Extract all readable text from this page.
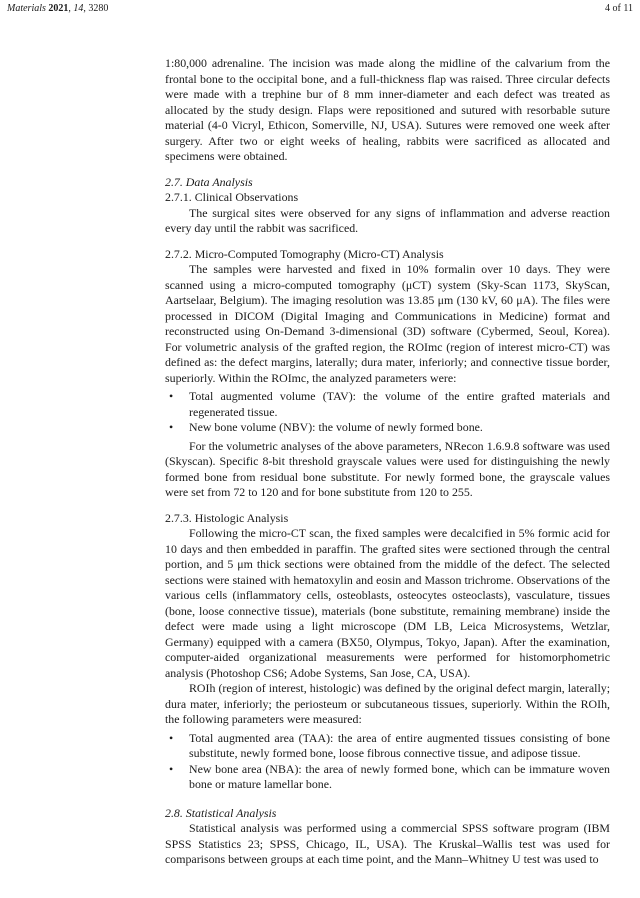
Materials 2021, 14, 3280	4 of 11

1:80,000 adrenaline. The incision was made along the midline of the calvarium from the frontal bone to the occipital bone, and a full-thickness flap was raised. Three circular defects were made with a trephine bur of 8 mm inner-diameter and each defect was treated as allocated by the study design. Flaps were repositioned and sutured with resorbable suture material (4-0 Vicryl, Ethicon, Somerville, NJ, USA). Sutures were removed one week after surgery. After two or eight weeks of healing, rabbits were sacrificed as allocated and specimens were obtained.

2.7. Data Analysis

2.7.1. Clinical Observations

The surgical sites were observed for any signs of inflammation and adverse reaction every day until the rabbit was sacrificed.

2.7.2. Micro-Computed Tomography (Micro-CT) Analysis

The samples were harvested and fixed in 10% formalin over 10 days. They were scanned using a micro-computed tomography (μCT) system (Sky-Scan 1173, SkyScan, Aartselaar, Belgium). The imaging resolution was 13.85 μm (130 kV, 60 μA). The files were processed in DICOM (Digital Imaging and Communications in Medicine) format and reconstructed using On-Demand 3-dimensional (3D) software (Cybermed, Seoul, Korea). For volumetric analysis of the grafted region, the ROImc (region of interest micro-CT) was defined as: the defect margins, laterally; dura mater, inferiorly; and connective tissue border, superiorly. Within the ROImc, the analyzed parameters were:

• Total augmented volume (TAV): the volume of the entire grafted materials and regenerated tissue.
• New bone volume (NBV): the volume of newly formed bone.

For the volumetric analyses of the above parameters, NRecon 1.6.9.8 software was used (Skyscan). Specific 8-bit threshold grayscale values were used for distinguishing the newly formed bone from residual bone substitute. For newly formed bone, the grayscale values were set from 72 to 120 and for bone substitute from 120 to 255.

2.7.3. Histologic Analysis

Following the micro-CT scan, the fixed samples were decalcified in 5% formic acid for 10 days and then embedded in paraffin. The grafted sites were sectioned through the central portion, and 5 μm thick sections were obtained from the middle of the defect. The selected sections were stained with hematoxylin and eosin and Masson trichrome. Observations of the various cells (inflammatory cells, osteoblasts, osteocytes osteoclasts), vasculature, tissues (bone, loose connective tissue), materials (bone substitute, remaining membrane) inside the defect were made using a light microscope (DM LB, Leica Microsystems, Wetzlar, Germany) equipped with a camera (BX50, Olympus, Tokyo, Japan). After the examination, computer-aided organizational measurements were performed for histomorphometric analysis (Photoshop CS6; Adobe Systems, San Jose, CA, USA).

ROIh (region of interest, histologic) was defined by the original defect margin, laterally; dura mater, inferiorly; the periosteum or subcutaneous tissues, superiorly. Within the ROIh, the following parameters were measured:

• Total augmented area (TAA): the area of entire augmented tissues consisting of bone substitute, newly formed bone, loose fibrous connective tissue, and adipose tissue.
• New bone area (NBA): the area of newly formed bone, which can be immature woven bone or mature lamellar bone.

2.8. Statistical Analysis

Statistical analysis was performed using a commercial SPSS software program (IBM SPSS Statistics 23; SPSS, Chicago, IL, USA). The Kruskal–Wallis test was used for comparisons between groups at each time point, and the Mann–Whitney U test was used to
